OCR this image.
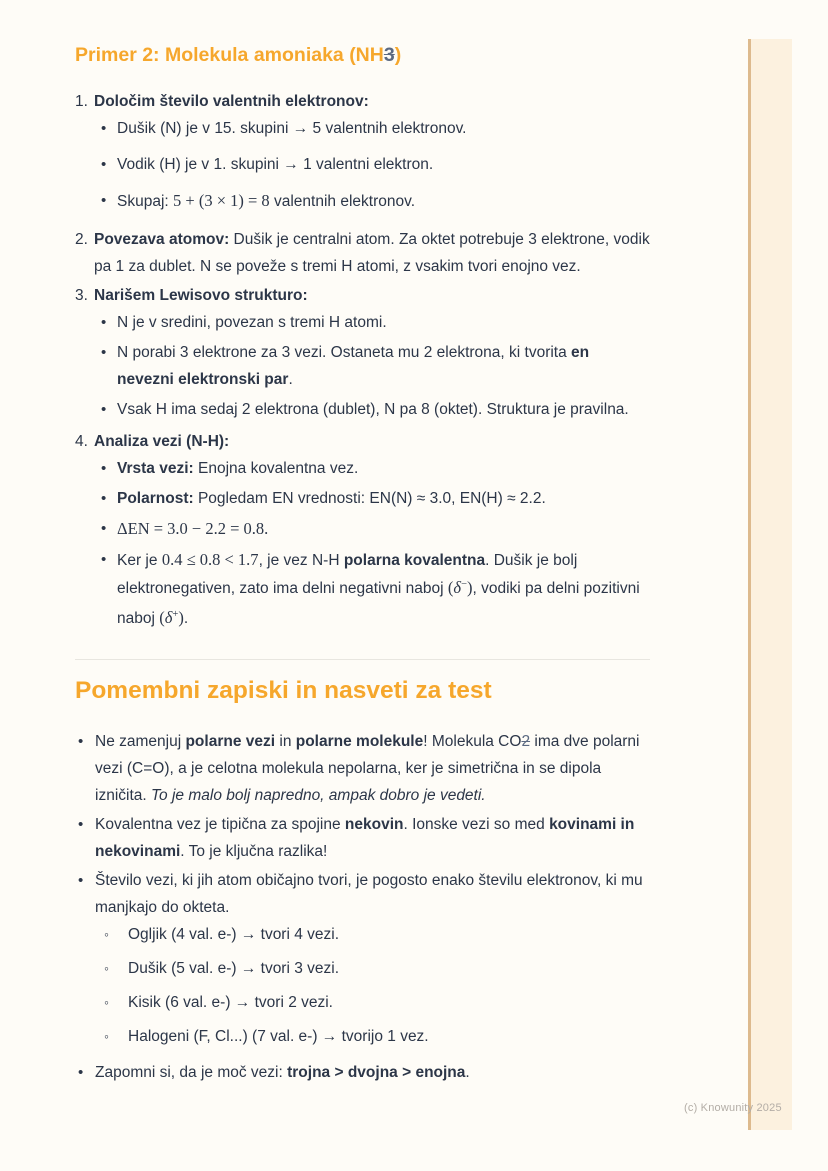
Primer 2: Molekula amoniaka (NH3)
1. Določim število valentnih elektronov:
• Dušik (N) je v 15. skupini → 5 valentnih elektronov.
• Vodik (H) je v 1. skupini → 1 valentni elektron.
• Skupaj: 5 + (3 × 1) = 8 valentnih elektronov.
2. Povezava atomov: Dušik je centralni atom. Za oktet potrebuje 3 elektrone, vodik pa 1 za dublet. N se poveže s tremi H atomi, z vsakim tvori enojno vez.
3. Narišem Lewisovo strukturo:
• N je v sredini, povezan s tremi H atomi.
• N porabi 3 elektrone za 3 vezi. Ostaneta mu 2 elektrona, ki tvorita en nevezni elektronski par.
• Vsak H ima sedaj 2 elektrona (dublet), N pa 8 (oktet). Struktura je pravilna.
4. Analiza vezi (N-H):
• Vrsta vezi: Enojna kovalentna vez.
• Polarnost: Pogledam EN vrednosti: EN(N) ≈ 3.0, EN(H) ≈ 2.2.
• ΔEN = 3.0 − 2.2 = 0.8.
• Ker je 0.4 ≤ 0.8 < 1.7, je vez N-H polarna kovalentna. Dušik je bolj elektronegativen, zato ima delni negativni naboj (δ−), vodiki pa delni pozitivni naboj (δ+).
Pomembni zapiski in nasveti za test
• Ne zamenjuj polarne vezi in polarne molekule! Molekula CO2 ima dve polarni vezi (C=O), a je celotna molekula nepolarna, ker je simetrična in se dipola izničita. To je malo bolj napredno, ampak dobro je vedeti.
• Kovalentna vez je tipična za spojine nekovin. Ionske vezi so med kovinami in nekovinami. To je ključna razlika!
• Število vezi, ki jih atom običajno tvori, je pogosto enako številu elektronov, ki mu manjkajo do okteta.
◦	Ogljik (4 val. e-) → tvori 4 vezi.
◦	Dušik (5 val. e-) → tvori 3 vezi.
◦	Kisik (6 val. e-) → tvori 2 vezi.
◦	Halogeni (F, Cl...) (7 val. e-) → tvorijo 1 vez.
• Zapomni si, da je moč vezi: trojna > dvojna > enojna.
(c) Knowunity 2025
